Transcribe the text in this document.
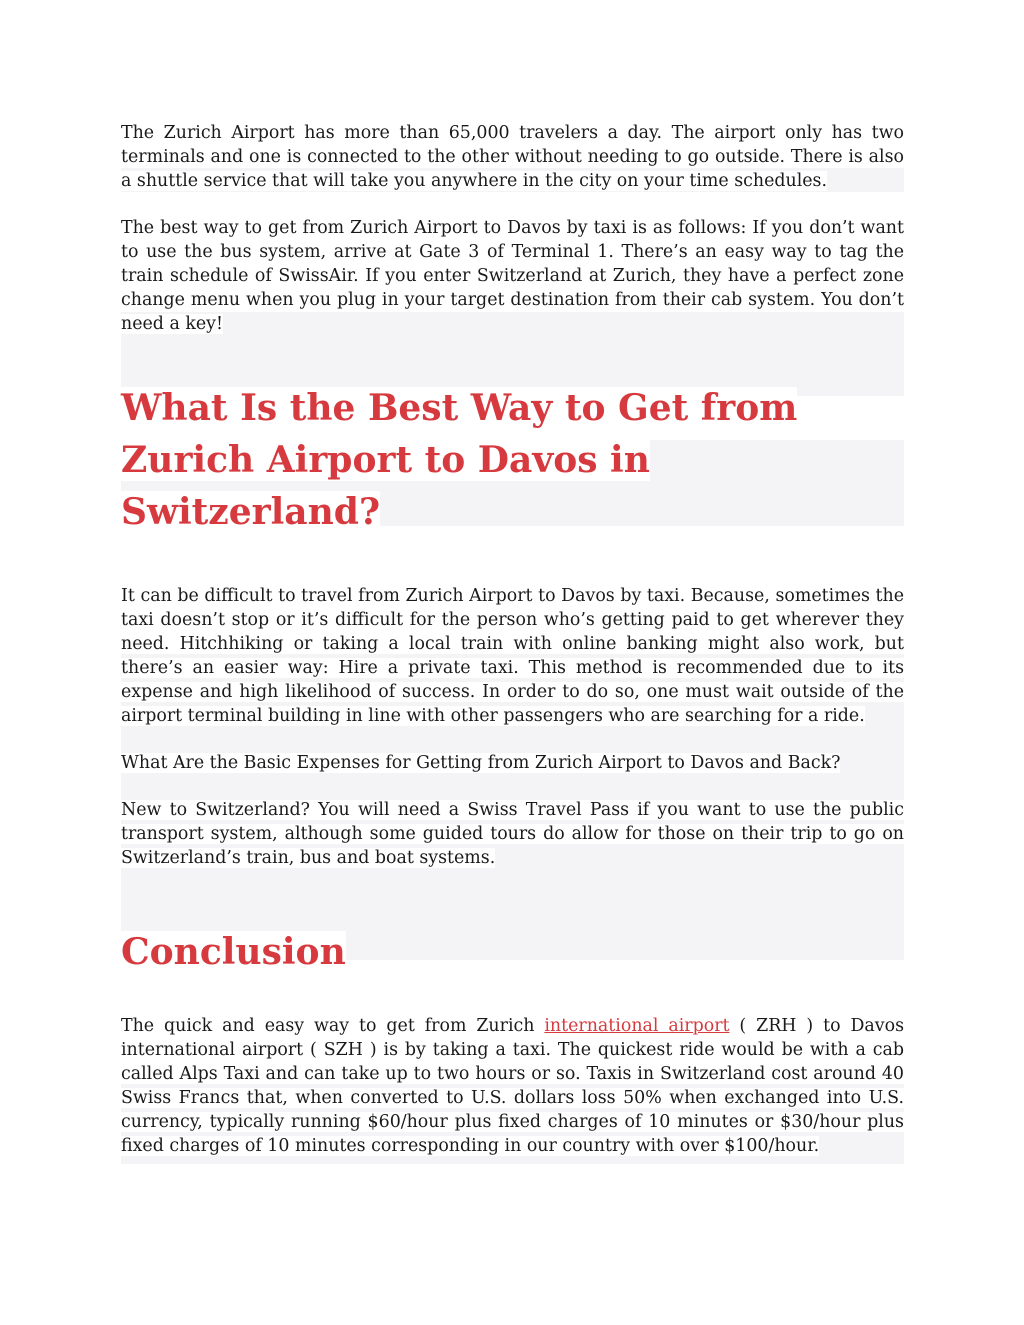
The Zurich Airport has more than 65,000 travelers a day. The airport only has two terminals and one is connected to the other without needing to go outside. There is also a shuttle service that will take you anywhere in the city on your time schedules.

The best way to get from Zurich Airport to Davos by taxi is as follows: If you don’t want to use the bus system, arrive at Gate 3 of Terminal 1. There’s an easy way to tag the train schedule of SwissAir. If you enter Switzerland at Zurich, they have a perfect zone change menu when you plug in your target destination from their cab system. You don’t need a key!

What Is the Best Way to Get from Zurich Airport to Davos in Switzerland?

It can be difficult to travel from Zurich Airport to Davos by taxi. Because, sometimes the taxi doesn’t stop or it’s difficult for the person who’s getting paid to get wherever they need. Hitchhiking or taking a local train with online banking might also work, but there’s an easier way: Hire a private taxi. This method is recommended due to its expense and high likelihood of success. In order to do so, one must wait outside of the airport terminal building in line with other passengers who are searching for a ride.

What Are the Basic Expenses for Getting from Zurich Airport to Davos and Back?

New to Switzerland? You will need a Swiss Travel Pass if you want to use the public transport system, although some guided tours do allow for those on their trip to go on Switzerland’s train, bus and boat systems.

Conclusion

The quick and easy way to get from Zurich international airport ( ZRH ) to Davos international airport ( SZH ) is by taking a taxi. The quickest ride would be with a cab called Alps Taxi and can take up to two hours or so. Taxis in Switzerland cost around 40 Swiss Francs that, when converted to U.S. dollars loss 50% when exchanged into U.S. currency, typically running $60/hour plus fixed charges of 10 minutes or $30/hour plus fixed charges of 10 minutes corresponding in our country with over $100/hour.
